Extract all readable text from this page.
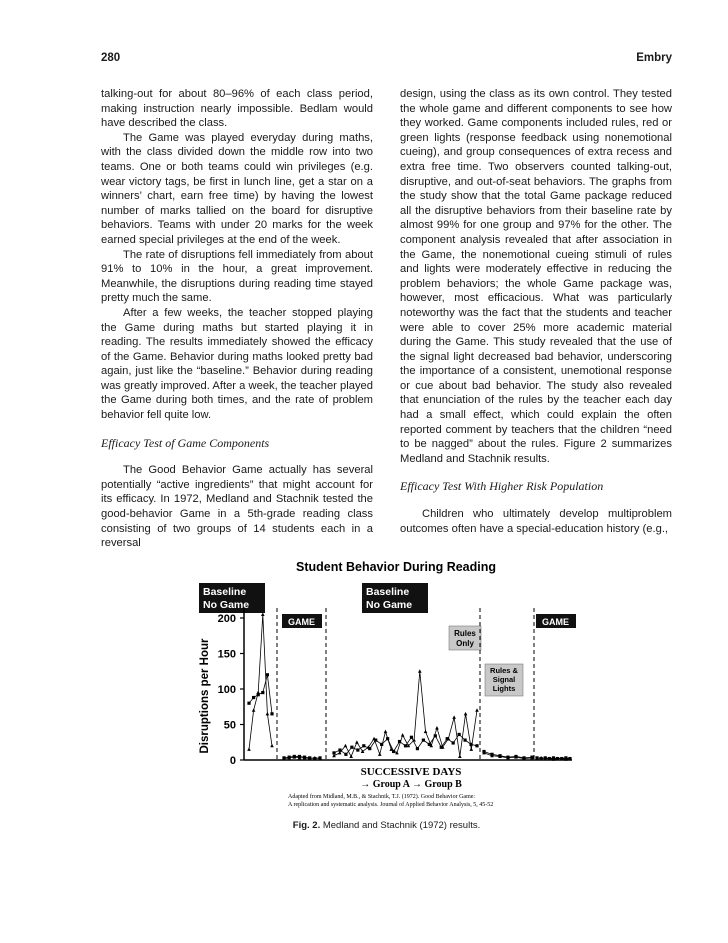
280	Embry

talking-out for about 80–96% of each class period, making instruction nearly impossible. Bedlam would have described the class.

The Game was played everyday during maths, with the class divided down the middle row into two teams. One or both teams could win privileges (e.g. wear victory tags, be first in lunch line, get a star on a winners’ chart, earn free time) by having the lowest number of marks tallied on the board for disruptive behaviors. Teams with under 20 marks for the week earned special privileges at the end of the week.

The rate of disruptions fell immediately from about 91% to 10% in the hour, a great improvement. Meanwhile, the disruptions during reading time stayed pretty much the same.

After a few weeks, the teacher stopped playing the Game during maths but started playing it in reading. The results immediately showed the efficacy of the Game. Behavior during maths looked pretty bad again, just like the “baseline.” Behavior during reading was greatly improved. After a week, the teacher played the Game during both times, and the rate of problem behavior fell quite low.

Efficacy Test of Game Components

The Good Behavior Game actually has several potentially “active ingredients” that might account for its efficacy. In 1972, Medland and Stachnik tested the good-behavior Game in a 5th-grade reading class consisting of two groups of 14 students each in a reversal

design, using the class as its own control. They tested the whole game and different components to see how they worked. Game components included rules, red or green lights (response feedback using nonemotional cueing), and group consequences of extra recess and extra free time. Two observers counted talking-out, disruptive, and out-of-seat behaviors. The graphs from the study show that the total Game package reduced all the disruptive behaviors from their baseline rate by almost 99% for one group and 97% for the other. The component analysis revealed that after association in the Game, the nonemotional cueing stimuli of rules and lights were moderately effective in reducing the problem behaviors; the whole Game package was, however, most efficacious. What was particularly noteworthy was the fact that the students and teacher were able to cover 25% more academic material during the Game. This study revealed that the use of the signal light decreased bad behavior, underscoring the importance of a consistent, unemotional response or cue about bad behavior. The study also revealed that enunciation of the rules by the teacher each day had a small effect, which could explain the often reported comment by teachers that the children “need to be nagged” about the rules. Figure 2 summarizes Medland and Stachnik results.

Efficacy Test With Higher Risk Population

Children who ultimately develop multiproblem outcomes often have a special-education history (e.g.,

Student Behavior During Reading
Baseline
No Game
GAME
Baseline
No Game
Rules
Only
Rules &
Signal
Lights
GAME
Disruptions per Hour
0
50
100
150
200
SUCCESSIVE DAYS
→ Group A → Group B
Adapted from Midland, M.B., & Stachnik, T.J. (1972). Good Behavior Game:
A replication and systematic analysis. Journal of Applied Behavior Analysis, 5, 45-52
Fig. 2. Medland and Stachnik (1972) results.
